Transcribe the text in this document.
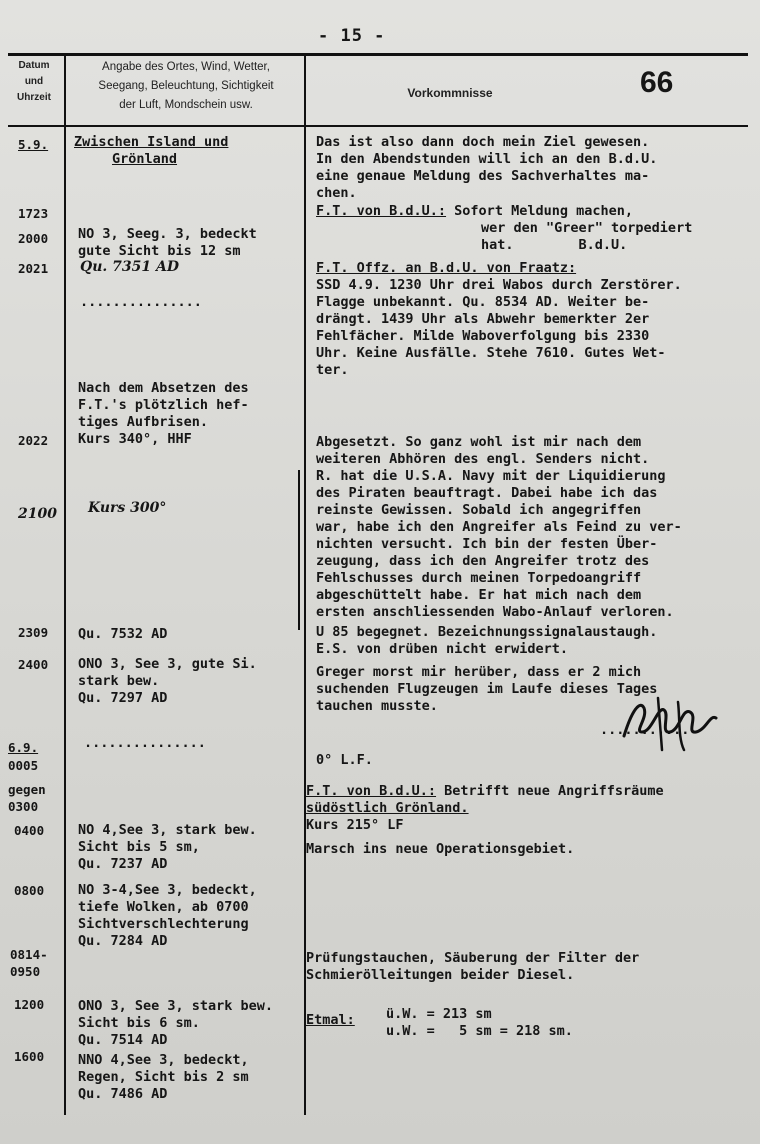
- 15 -
Datum
und
Uhrzeit
Angabe des Ortes, Wind, Wetter,
Seegang, Beleuchtung, Sichtigkeit
der Luft, Mondschein usw.
Vorkommnisse	66
5.9.
1723
2000
2021
2022
2100
2309
2400
6.9.
0005
gegen
0300
0400
0800
0814-
0950
1200
1600
Zwischen Island und
Grönland
NO 3, Seeg. 3, bedeckt
gute Sicht bis 12 sm
Qu. 7351 AD
...............
Nach dem Absetzen des
F.T.'s plötzlich hef-
tiges Aufbrisen.
Kurs 340°, HHF
Kurs 300°
Qu. 7532 AD
ONO 3, See 3, gute Si.
stark bew.
Qu. 7297 AD
...............
NO 4,See 3, stark bew.
Sicht bis 5 sm,
Qu. 7237 AD
NO 3-4,See 3, bedeckt,
tiefe Wolken, ab 0700
Sichtverschlechterung
Qu. 7284 AD
ONO 3, See 3, stark bew.
Sicht bis 6 sm.
Qu. 7514 AD
NNO 4,See 3, bedeckt,
Regen, Sicht bis 2 sm
Qu. 7486 AD
Das ist also dann doch mein Ziel gewesen.
In den Abendstunden will ich an den B.d.U.
eine genaue Meldung des Sachverhaltes ma-
chen.
F.T. von B.d.U.: Sofort Meldung machen,
wer den "Greer" torpediert
hat.        B.d.U.
F.T. Offz. an B.d.U. von Fraatz:
SSD 4.9. 1230 Uhr drei Wabos durch Zerstörer.
Flagge unbekannt. Qu. 8534 AD. Weiter be-
drängt. 1439 Uhr als Abwehr bemerkter 2er
Fehlfächer. Milde Waboverfolgung bis 2330
Uhr. Keine Ausfälle. Stehe 7610. Gutes Wet-
ter.
Abgesetzt. So ganz wohl ist mir nach dem
weiteren Abhören des engl. Senders nicht.
R. hat die U.S.A. Navy mit der Liquidierung
des Piraten beauftragt. Dabei habe ich das
reinste Gewissen. Sobald ich angegriffen
war, habe ich den Angreifer als Feind zu ver-
nichten versucht. Ich bin der festen Über-
zeugung, dass ich den Angreifer trotz des
Fehlschusses durch meinen Torpedoangriff
abgeschüttelt habe. Er hat mich nach dem
ersten anschliessenden Wabo-Anlauf verloren.
U 85 begegnet. Bezeichnungssignalaustaugh.
E.S. von drüben nicht erwidert.
Greger morst mir herüber, dass er 2 mich
suchenden Flugzeugen im Laufe dieses Tages
tauchen musste.
...........
0° L.F.
F.T. von B.d.U.: Betrifft neue Angriffsräume
südöstlich Grönland.
Kurs 215° LF
Marsch ins neue Operationsgebiet.
Prüfungstauchen, Säuberung der Filter der
Schmierölleitungen beider Diesel.
Etmal: ü.W. = 213 sm
u.W. =   5 sm = 218 sm.
